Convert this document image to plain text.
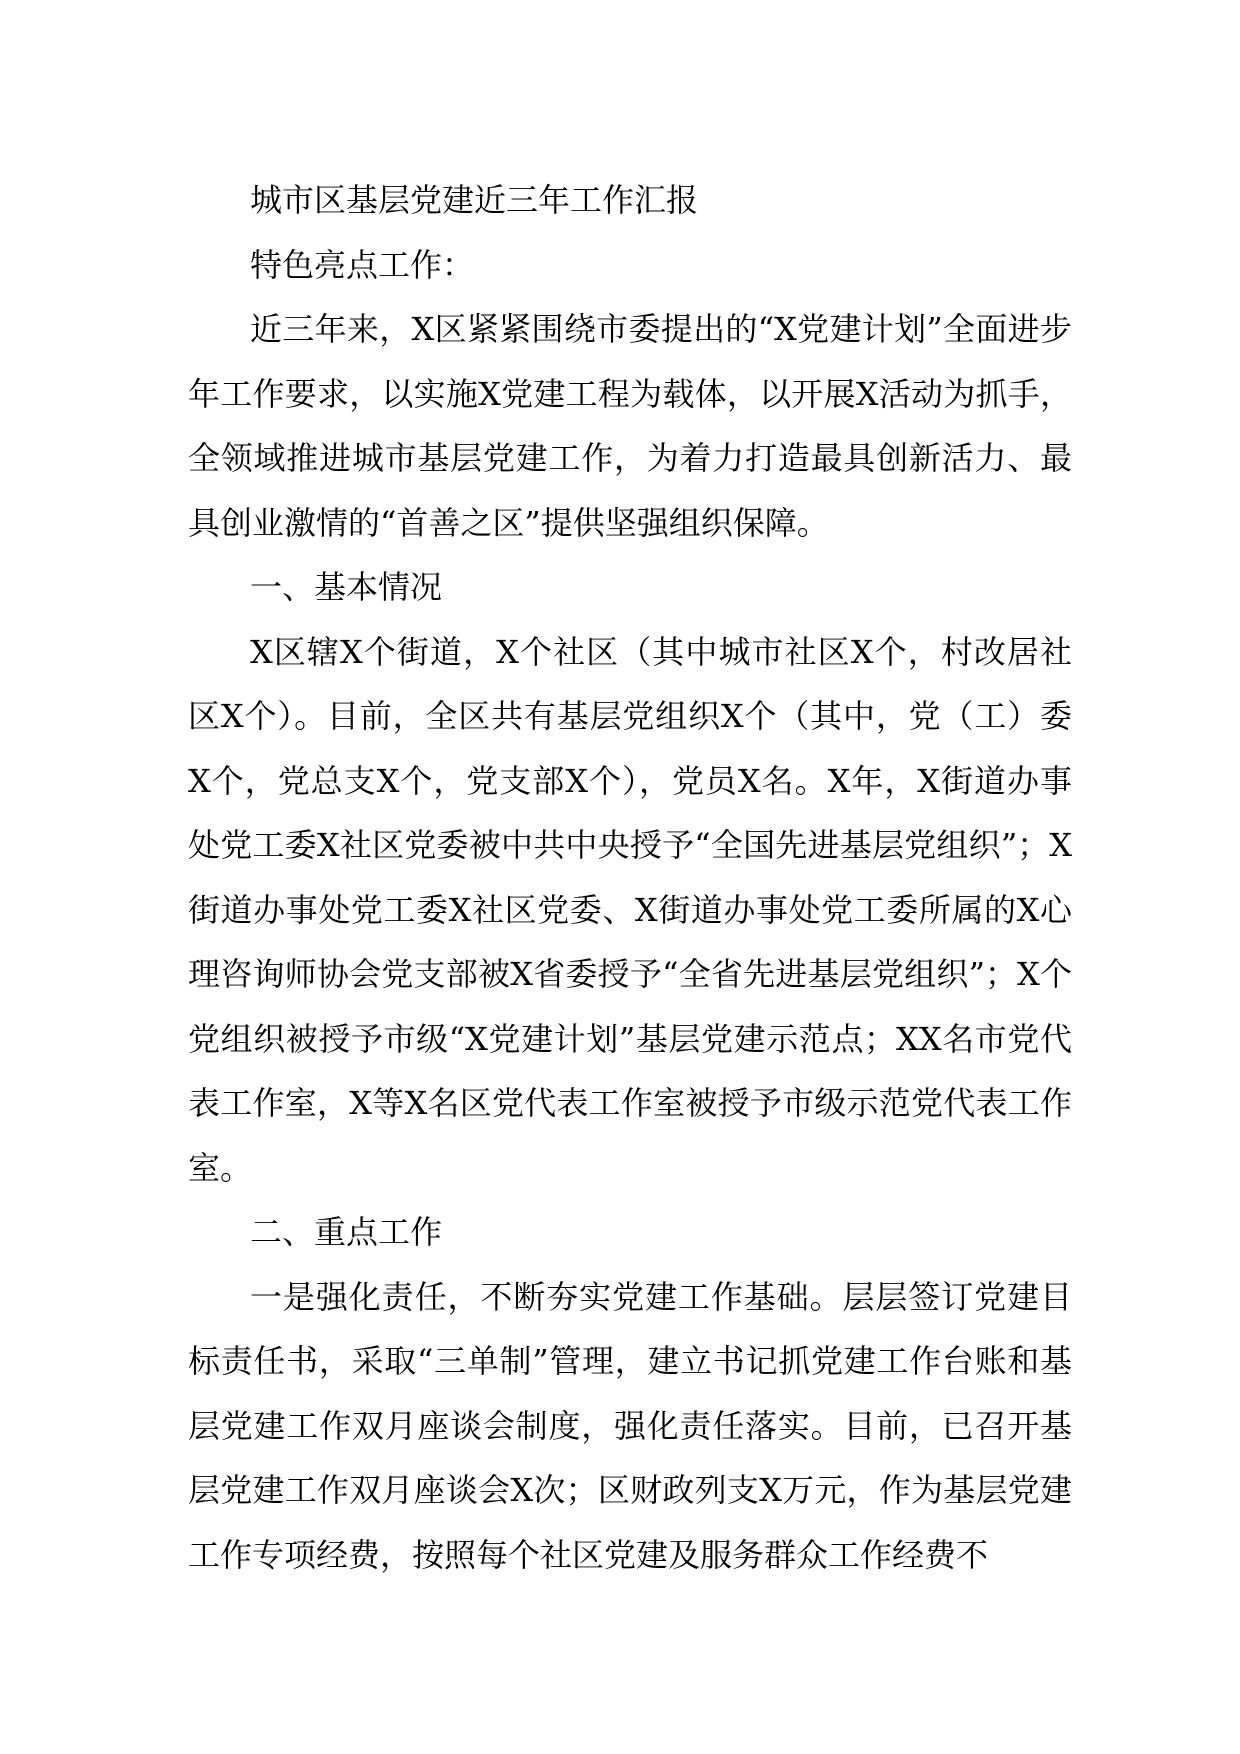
城市区基层党建近三年工作汇报

特色亮点工作：

近三年来，X区紧紧围绕市委提出的“X党建计划”全面进步年工作要求，以实施X党建工程为载体，以开展X活动为抓手，全领域推进城市基层党建工作，为着力打造最具创新活力、最具创业激情的“首善之区”提供坚强组织保障。

一、基本情况

X区辖X个街道，X个社区（其中城市社区X个，村改居社区X个）。目前，全区共有基层党组织X个（其中，党（工）委X个，党总支X个，党支部X个），党员X名。X年，X街道办事处党工委X社区党委被中共中央授予“全国先进基层党组织”；X街道办事处党工委X社区党委、X街道办事处党工委所属的X心理咨询师协会党支部被X省委授予“全省先进基层党组织”；X个党组织被授予市级“X党建计划”基层党建示范点；XX名市党代表工作室，X等X名区党代表工作室被授予市级示范党代表工作室。

二、重点工作

一是强化责任，不断夯实党建工作基础。层层签订党建目标责任书，采取“三单制”管理，建立书记抓党建工作台账和基层党建工作双月座谈会制度，强化责任落实。目前，已召开基层党建工作双月座谈会X次；区财政列支X万元，作为基层党建工作专项经费，按照每个社区党建及服务群众工作经费不
